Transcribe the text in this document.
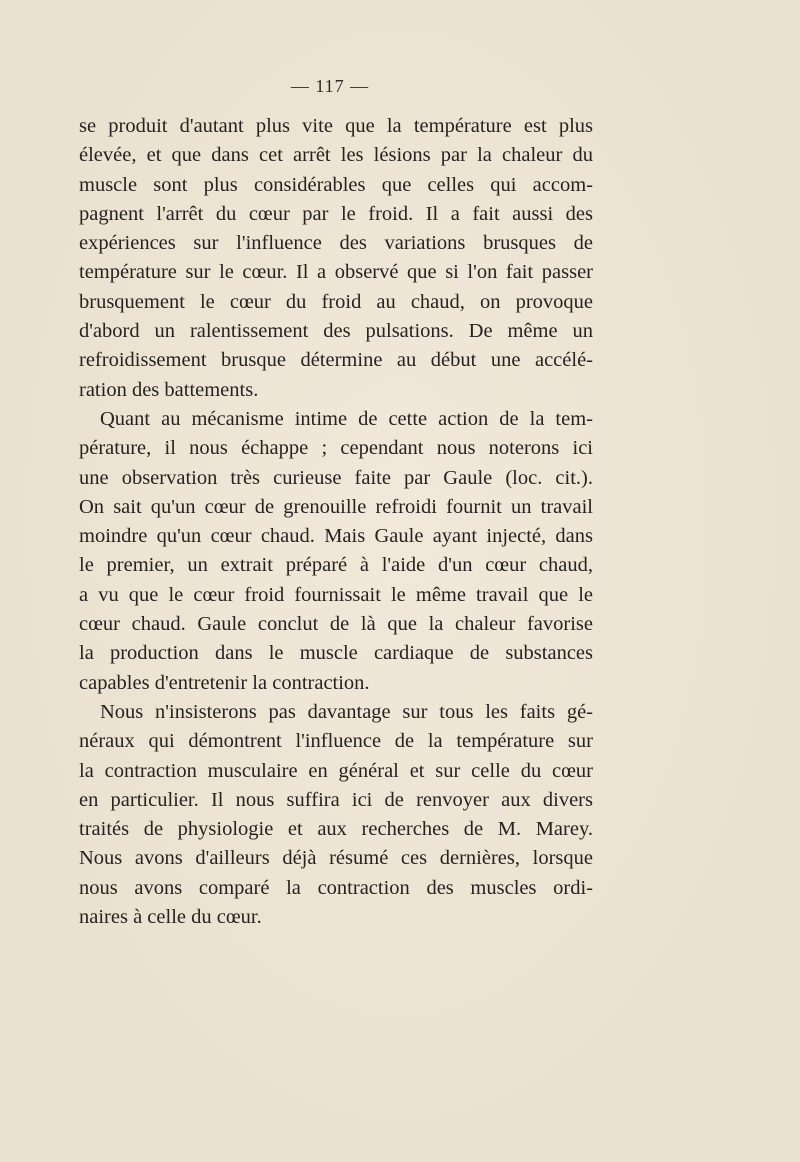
— 117 —
se produit d'autant plus vite que la température est plus
élevée, et que dans cet arrêt les lésions par la chaleur du
muscle sont plus considérables que celles qui accom-
pagnent l'arrêt du cœur par le froid. Il a fait aussi des
expériences sur l'influence des variations brusques de
température sur le cœur. Il a observé que si l'on fait passer
brusquement le cœur du froid au chaud, on provoque
d'abord un ralentissement des pulsations. De même un
refroidissement brusque détermine au début une accélé-
ration des battements.
Quant au mécanisme intime de cette action de la tem-
pérature, il nous échappe ; cependant nous noterons ici
une observation très curieuse faite par Gaule (loc. cit.).
On sait qu'un cœur de grenouille refroidi fournit un travail
moindre qu'un cœur chaud. Mais Gaule ayant injecté, dans
le premier, un extrait préparé à l'aide d'un cœur chaud,
a vu que le cœur froid fournissait le même travail que le
cœur chaud. Gaule conclut de là que la chaleur favorise
la production dans le muscle cardiaque de substances
capables d'entretenir la contraction.
Nous n'insisterons pas davantage sur tous les faits gé-
néraux qui démontrent l'influence de la température sur
la contraction musculaire en général et sur celle du cœur
en particulier. Il nous suffira ici de renvoyer aux divers
traités de physiologie et aux recherches de M. Marey.
Nous avons d'ailleurs déjà résumé ces dernières, lorsque
nous avons comparé la contraction des muscles ordi-
naires à celle du cœur.
